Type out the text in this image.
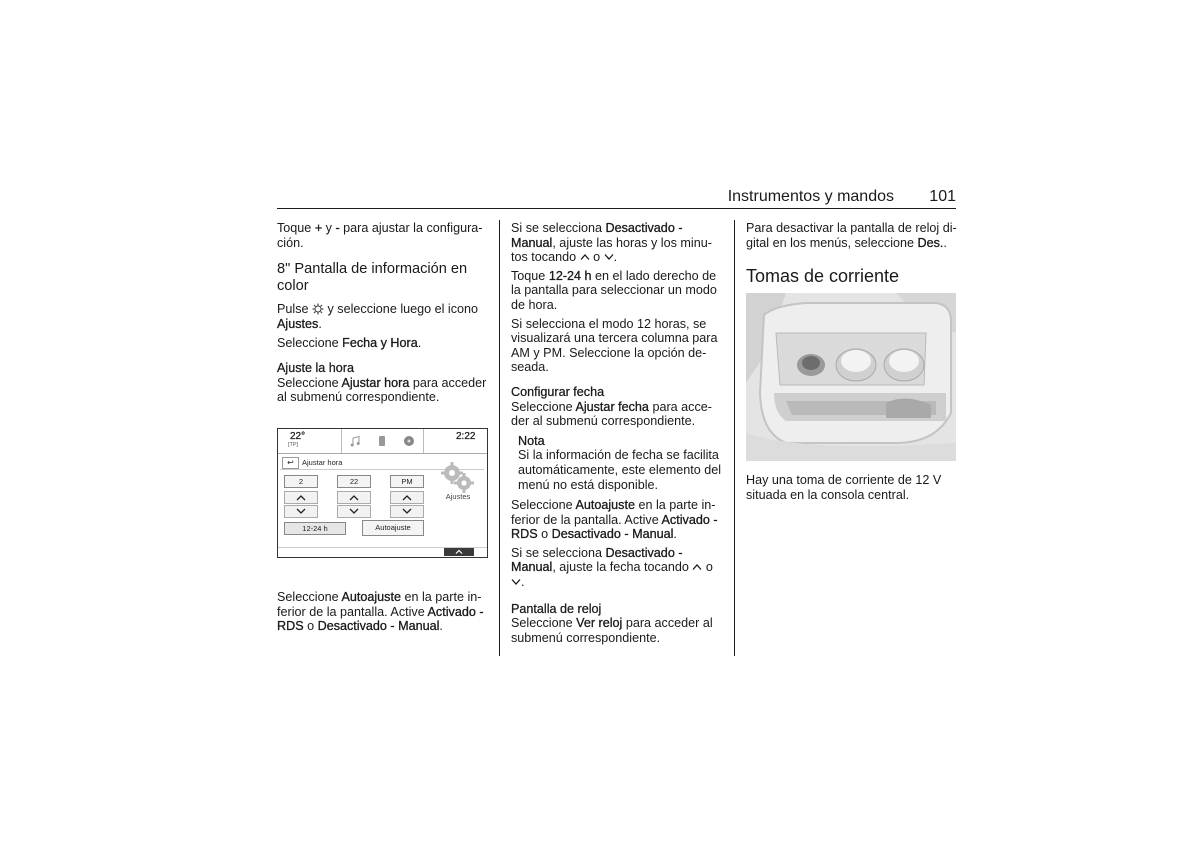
Instrumentos y mandos 101

Toque + y - para ajustar la configura-
ción.

8" Pantalla de información en color

Pulse y seleccione luego el icono
Ajustes.

Seleccione Fecha y Hora.

Ajuste la hora

Seleccione Ajustar hora para acceder
al submenú correspondiente.

22°
[TP]
2:22
↩	Ajustar hora
2	22	PM
Ajustes
12-24 h	Autoajuste

Seleccione Autoajuste en la parte in-
ferior de la pantalla. Active Activado -
RDS o Desactivado - Manual.

Si se selecciona Desactivado -
Manual, ajuste las horas y los minu-
tos tocando o .

Toque 12-24 h en el lado derecho de
la pantalla para seleccionar un modo
de hora.

Si selecciona el modo 12 horas, se
visualizará una tercera columna para
AM y PM. Seleccione la opción de-
seada.

Configurar fecha

Seleccione Ajustar fecha para acce-
der al submenú correspondiente.

Nota

Si la información de fecha se facilita
automáticamente, este elemento del
menú no está disponible.

Seleccione Autoajuste en la parte in-
ferior de la pantalla. Active Activado -
RDS o Desactivado - Manual.

Si se selecciona Desactivado -
Manual, ajuste la fecha tocando o
.

Pantalla de reloj

Seleccione Ver reloj para acceder al
submenú correspondiente.

Para desactivar la pantalla de reloj di-
gital en los menús, seleccione Des..

Tomas de corriente

Hay una toma de corriente de 12 V
situada en la consola central.
